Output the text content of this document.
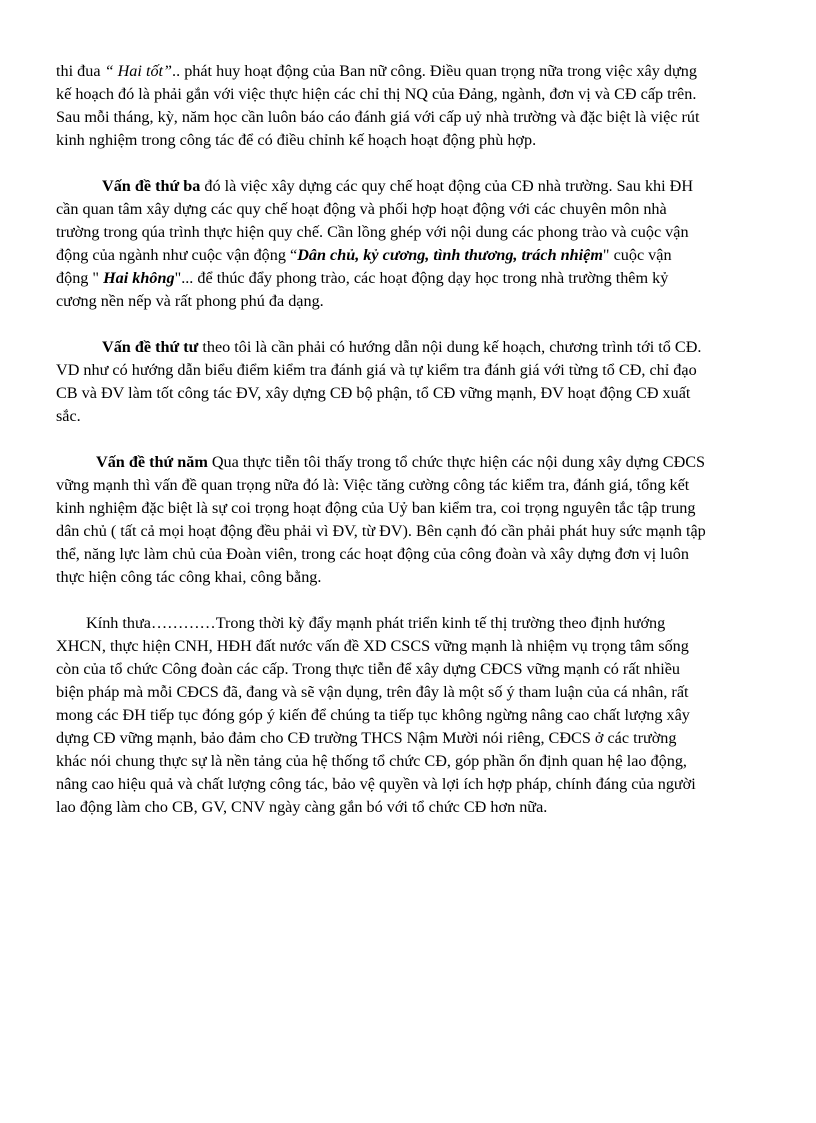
thi đua “ Hai tốt”.. phát huy hoạt động của Ban nữ công. Điều quan trọng nữa trong việc xây dựng kế hoạch đó là phải gắn với việc thực hiện các chỉ thị NQ của Đảng, ngành, đơn vị và CĐ cấp trên. Sau mỗi tháng, kỳ, năm học cần luôn báo cáo đánh giá với cấp uỷ nhà trường và đặc biệt là việc rút kinh nghiệm trong công tác để có điều chỉnh kế hoạch hoạt động phù hợp.

Vấn đề thứ ba đó là việc xây dựng các quy chế hoạt động của CĐ nhà trường. Sau khi ĐH cần quan tâm xây dựng các quy chế hoạt động và phối hợp hoạt động với các chuyên môn nhà trường trong qúa trình thực hiện quy chế. Cần lồng ghép với nội dung các phong trào và cuộc vận động của ngành như cuộc vận động “Dân chủ, kỷ cương, tình thương, trách nhiệm" cuộc vận động " Hai không"... để thúc đẩy phong trào, các hoạt động dạy học trong nhà trường thêm kỷ cương nền nếp và rất phong phú đa dạng.

Vấn đề thứ tư theo tôi là cần phải có hướng dẫn nội dung kế hoạch, chương trình tới tổ CĐ. VD như có hướng dẫn biểu điểm kiểm tra đánh giá và tự kiểm tra đánh giá với từng tổ CĐ, chỉ đạo CB và ĐV làm tốt công tác ĐV, xây dựng CĐ bộ phận, tổ CĐ vững mạnh, ĐV hoạt động CĐ xuất sắc.

Vấn đề thứ năm Qua thực tiễn tôi thấy trong tổ chức thực hiện các nội dung xây dựng CĐCS vững mạnh thì vấn đề quan trọng nữa đó là: Việc tăng cường công tác kiểm tra, đánh giá, tổng kết kinh nghiệm đặc biệt là sự coi trọng hoạt động của Uỷ ban kiểm tra, coi trọng nguyên tắc tập trung dân chủ ( tất cả mọi hoạt động đều phải vì ĐV, từ ĐV). Bên cạnh đó cần phải phát huy sức mạnh tập thể, năng lực làm chủ của Đoàn viên, trong các hoạt động của công đoàn và xây dựng đơn vị luôn thực hiện công tác công khai, công bằng.

Kính thưa…………Trong thời kỳ đẩy mạnh phát triển kinh tế thị trường theo định hướng XHCN, thực hiện CNH, HĐH đất nước vấn đề XD CSCS vững mạnh là nhiệm vụ trọng tâm sống còn của tổ chức Công đoàn các cấp. Trong thực tiễn để xây dựng CĐCS vững mạnh có rất nhiều biện pháp mà mỗi CĐCS đã, đang và sẽ vận dụng, trên đây là một số ý tham luận của cá nhân, rất mong các ĐH tiếp tục đóng góp ý kiến để chúng ta tiếp tục không ngừng nâng cao chất lượng xây dựng CĐ vững mạnh, bảo đảm cho CĐ trường THCS Nậm Mười nói riêng, CĐCS ở các trường khác nói chung thực sự là nền tảng của hệ thống tổ chức CĐ, góp phần ổn định quan hệ lao động, nâng cao hiệu quả và chất lượng công tác, bảo vệ quyền và lợi ích hợp pháp, chính đáng của người lao động làm cho CB, GV, CNV ngày càng gắn bó với tổ chức CĐ hơn nữa.
